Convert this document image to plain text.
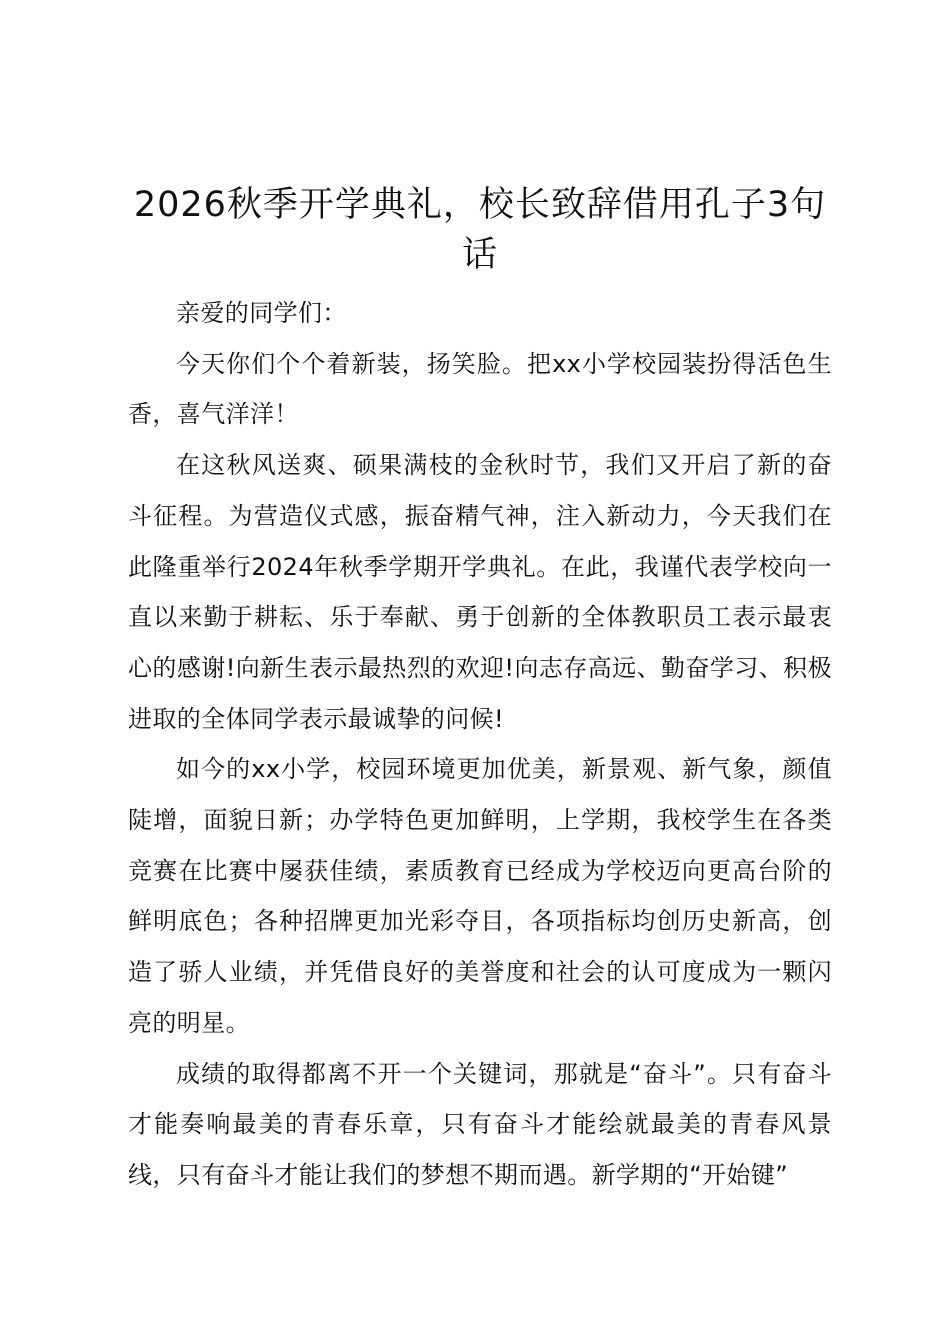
2026秋季开学典礼，校长致辞借用孔子3句话

亲爱的同学们：

今天你们个个着新装，扬笑脸。把xx小学校园装扮得活色生香，喜气洋洋！

在这秋风送爽、硕果满枝的金秋时节，我们又开启了新的奋斗征程。为营造仪式感，振奋精气神，注入新动力，今天我们在此隆重举行2024年秋季学期开学典礼。在此，我谨代表学校向一直以来勤于耕耘、乐于奉献、勇于创新的全体教职员工表示最衷心的感谢!向新生表示最热烈的欢迎!向志存高远、勤奋学习、积极进取的全体同学表示最诚挚的问候!

如今的xx小学，校园环境更加优美，新景观、新气象，颜值陡增，面貌日新；办学特色更加鲜明，上学期，我校学生在各类竞赛在比赛中屡获佳绩，素质教育已经成为学校迈向更高台阶的鲜明底色；各种招牌更加光彩夺目，各项指标均创历史新高，创造了骄人业绩，并凭借良好的美誉度和社会的认可度成为一颗闪亮的明星。

成绩的取得都离不开一个关键词，那就是“奋斗”。只有奋斗才能奏响最美的青春乐章，只有奋斗才能绘就最美的青春风景线，只有奋斗才能让我们的梦想不期而遇。新学期的“开始键”
